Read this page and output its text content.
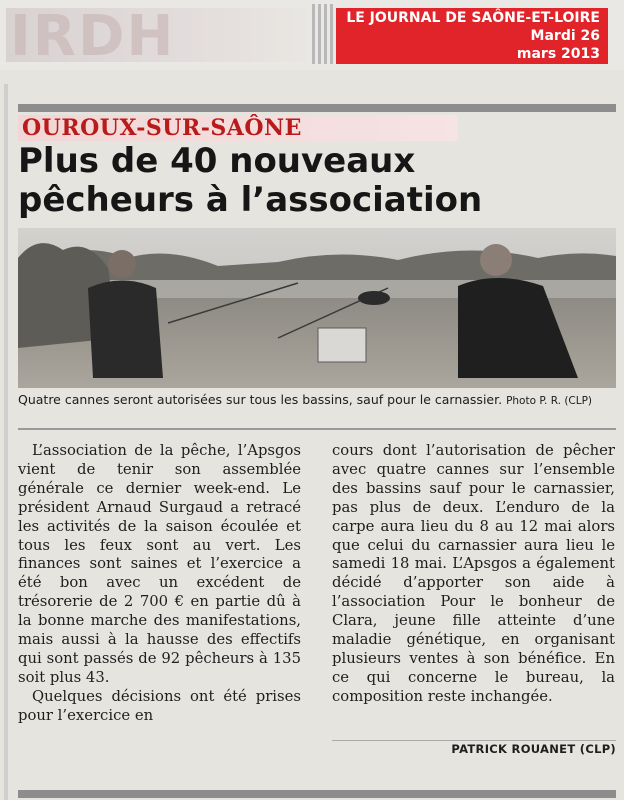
IRDH	LE JOURNAL DE SAÔNE-ET-LOIRE
Mardi 26
mars 2013
OUROUX-SUR-SAÔNE
Plus de 40 nouveaux
pêcheurs à l’association
Quatre cannes seront autorisées sur tous les bassins, sauf pour le carnassier. Photo P. R. (CLP)

L’association de la pêche, l’Apsgos vient de tenir son assemblée générale ce dernier week-end. Le président Arnaud Surgaud a retracé les activités de la saison écoulée et tous les feux sont au vert. Les finances sont saines et l’exercice a été bon avec un excédent de trésorerie de 2 700 € en partie dû à la bonne marche des manifestations, mais aussi à la hausse des effectifs qui sont passés de 92 pêcheurs à 135 soit plus 43.

Quelques décisions ont été prises pour l’exercice en

cours dont l’autorisation de pêcher avec quatre cannes sur l’ensemble des bassins sauf pour le carnassier, pas plus de deux. L’enduro de la carpe aura lieu du 8 au 12 mai alors que celui du carnassier aura lieu le samedi 18 mai. L’Apsgos a également décidé d’apporter son aide à l’association Pour le bonheur de Clara, jeune fille atteinte d’une maladie génétique, en organisant plusieurs ventes à son bénéfice. En ce qui concerne le bureau, la composition reste inchangée.

PATRICK ROUANET (CLP)
